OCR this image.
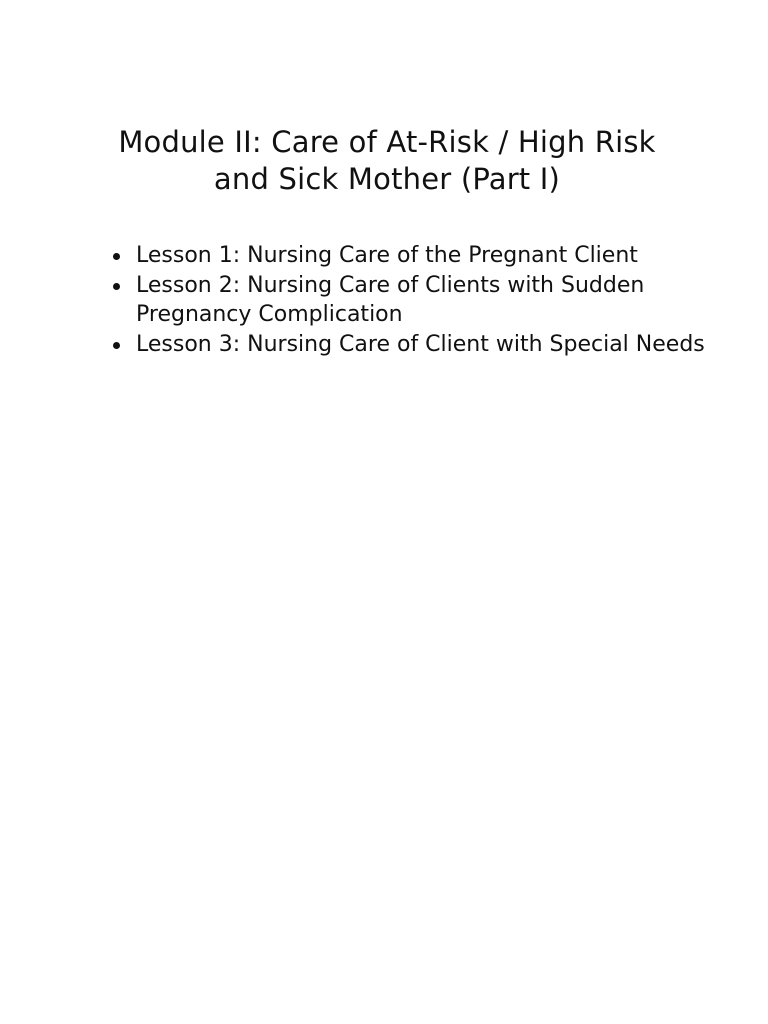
Module II: Care of At-Risk / High Risk
and Sick Mother (Part I)
Lesson 1: Nursing Care of the Pregnant Client
Lesson 2: Nursing Care of Clients with Sudden Pregnancy Complication
Lesson 3: Nursing Care of Client with Special Needs
